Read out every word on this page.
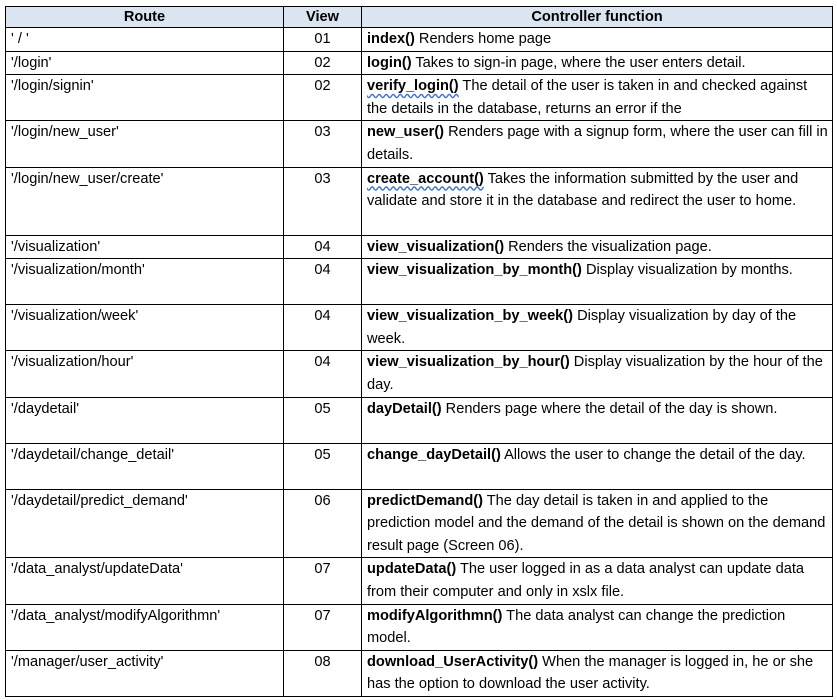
Route	View	Controller function
' / '	01	index() Renders home page

'/login'	02	login() Takes to sign-in page, where the user enters detail.

'/login/signin'	02	verify_login() The detail of the user is taken in and checked against the details in the database, returns an error if the

'/login/new_user'	03	new_user() Renders page with a signup form, where the user can fill in details.

'/login/new_user/create'	03	create_account() Takes the information submitted by the user and validate and store it in the database and redirect the user to home.

'/visualization'	04	view_visualization() Renders the visualization page.

'/visualization/month'	04	view_visualization_by_month() Display visualization by months.

'/visualization/week'	04	view_visualization_by_week() Display visualization by day of the week.

'/visualization/hour'	04	view_visualization_by_hour() Display visualization by the hour of the day.

'/daydetail'	05	dayDetail() Renders page where the detail of the day is shown.

'/daydetail/change_detail'	05	change_dayDetail() Allows the user to change the detail of the day.

'/daydetail/predict_demand'	06	predictDemand() The day detail is taken in and applied to the prediction model and the demand of the detail is shown on the demand result page (Screen 06).

'/data_analyst/updateData'	07	updateData() The user logged in as a data analyst can update data from their computer and only in xslx file.

'/data_analyst/modifyAlgorithmn'	07	modifyAlgorithmn() The data analyst can change the prediction model.

'/manager/user_activity'	08	download_UserActivity() When the manager is logged in, he or she has the option to download the user activity.
